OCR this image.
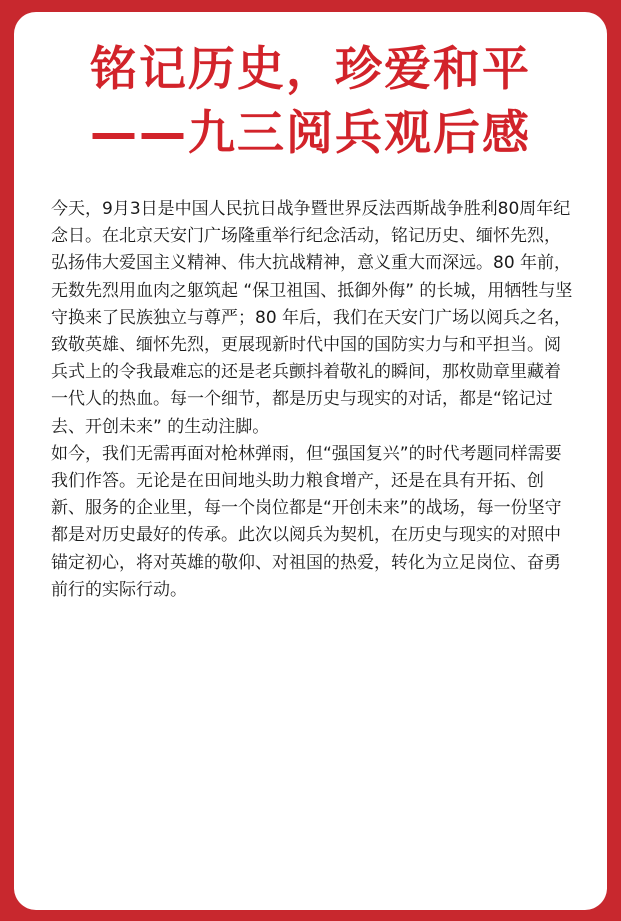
铭记历史，珍爱和平
——九三阅兵观后感

今天，9月3日是中国人民抗日战争暨世界反法西斯战争胜利80周年纪念日。在北京天安门广场隆重举行纪念活动，铭记历史、缅怀先烈，弘扬伟大爱国主义精神、伟大抗战精神，意义重大而深远。80 年前，无数先烈用血肉之躯筑起 “保卫祖国、抵御外侮” 的长城，用牺牲与坚守换来了民族独立与尊严；80 年后，我们在天安门广场以阅兵之名，致敬英雄、缅怀先烈，更展现新时代中国的国防实力与和平担当。阅兵式上的令我最难忘的还是老兵颤抖着敬礼的瞬间，那枚勋章里藏着一代人的热血。每一个细节，都是历史与现实的对话，都是“铭记过去、开创未来” 的生动注脚。

如今，我们无需再面对枪林弹雨，但“强国复兴”的时代考题同样需要我们作答。无论是在田间地头助力粮食增产，还是在具有开拓、创新、服务的企业里，每一个岗位都是“开创未来”的战场，每一份坚守都是对历史最好的传承。此次以阅兵为契机，在历史与现实的对照中锚定初心，将对英雄的敬仰、对祖国的热爱，转化为立足岗位、奋勇前行的实际行动。
